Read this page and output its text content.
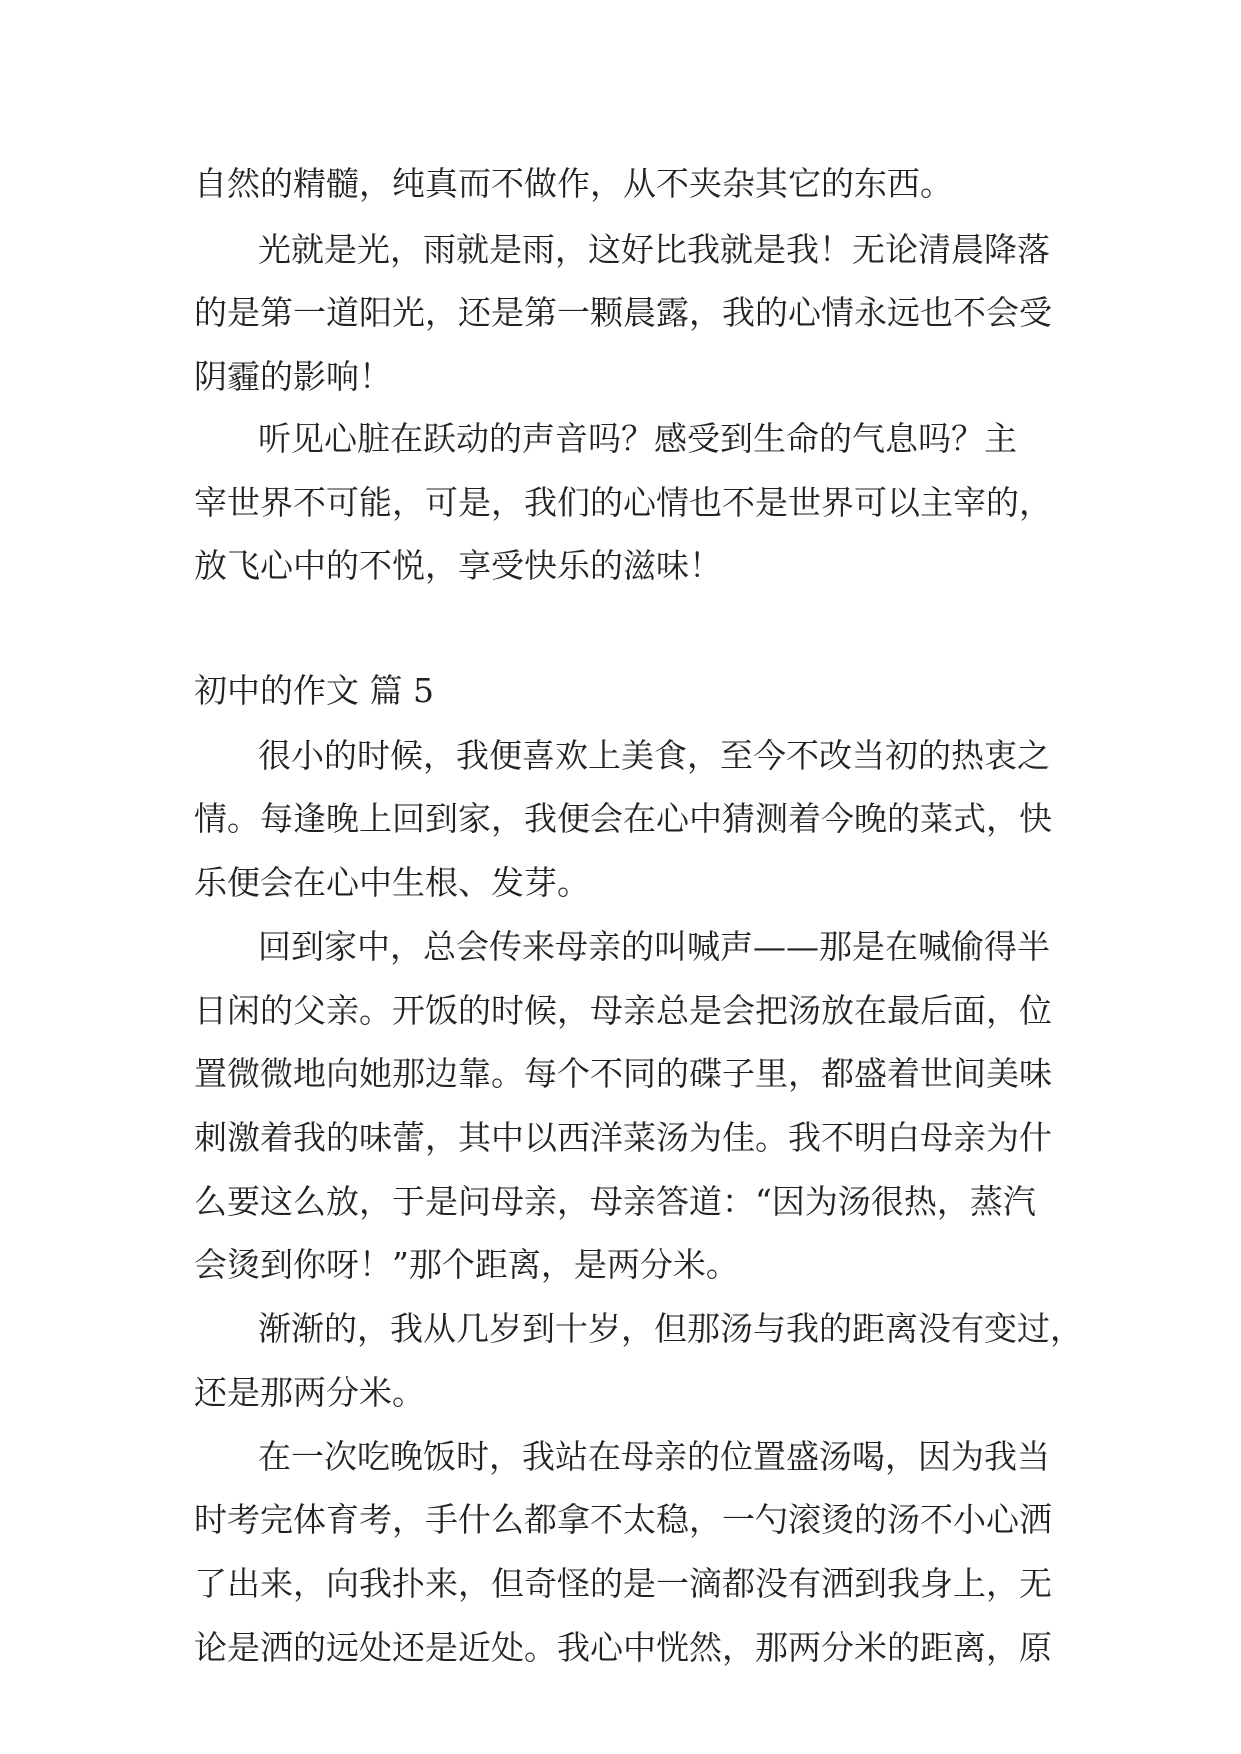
自然的精髓，纯真而不做作，从不夹杂其它的东西。
光就是光，雨就是雨，这好比我就是我！无论清晨降落
的是第一道阳光，还是第一颗晨露，我的心情永远也不会受
阴霾的影响！
听见心脏在跃动的声音吗？感受到生命的气息吗？主
宰世界不可能，可是，我们的心情也不是世界可以主宰的，
放飞心中的不悦，享受快乐的滋味！
初中的作文 篇 5
很小的时候，我便喜欢上美食，至今不改当初的热衷之
情。每逢晚上回到家，我便会在心中猜测着今晚的菜式，快
乐便会在心中生根、发芽。
回到家中，总会传来母亲的叫喊声——那是在喊偷得半
日闲的父亲。开饭的时候，母亲总是会把汤放在最后面，位
置微微地向她那边靠。每个不同的碟子里，都盛着世间美味
刺激着我的味蕾，其中以西洋菜汤为佳。我不明白母亲为什
么要这么放，于是问母亲，母亲答道：“因为汤很热，蒸汽
会烫到你呀！”那个距离，是两分米。
渐渐的，我从几岁到十岁，但那汤与我的距离没有变过，
还是那两分米。
在一次吃晚饭时，我站在母亲的位置盛汤喝，因为我当
时考完体育考，手什么都拿不太稳，一勺滚烫的汤不小心洒
了出来，向我扑来，但奇怪的是一滴都没有洒到我身上，无
论是洒的远处还是近处。我心中恍然，那两分米的距离，原
